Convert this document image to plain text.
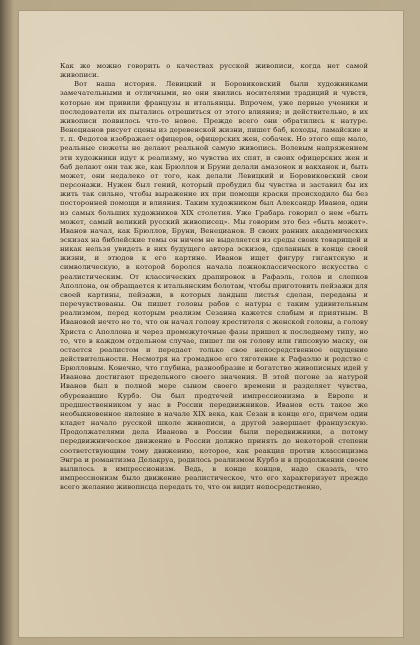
Как же можно говорить о качествах русской живописи, когда нет самой живописи.

Вот наша история. Левицкий и Боровиковский были художниками замечательными и отличными, но они явились носителями традиций и чувств, которые им привили французы и итальянцы. Впрочем, уже первые ученики и последователи их пытались отрешиться от этого влияния; и действительно, в их живописи появилось что-то новое. Прежде всего они обратились к натуре. Венецианов рисует сцены из деревенской жизни, пишет баб, коходы, ламайские и т. п. Федотов изображает офицеров, офицерских жен, собачек. Но этого еще мало, реальные сюжеты не делают реальной самую живопись. Волевым напряжением эти художники идут к реализму, но чувства их спят, и своих офицерских жен и баб делают они так же, как Брюллов и Бруни делали амазонок и вакханок и, быть может, они недалеко от того, как делали Левицкий и Боровиковский свои персонажи. Нужен был гений, который пробудил бы чувства и заставил бы их жить так сильно, чтобы выражение их при помощи краски происходило бы без посторонней помощи и влияния. Таким художником был Александр Иванов, один из самых больших художников XIX столетия. Уже Грабарь говорил о нем «быть может, самый великий русский живописец». Мы говорим это без «быть может». Иванов начал, как Брюллов, Бруни, Венецианов. В своих ранних академических эскизах на библейские темы он ничем не выделяется из среды своих товарищей и никак нельзя увидеть в них будущего автора эскизов, сделанных в конце своей жизни, и этюдов к его картине. Иванов ищет фигуру гигантскую и символическую, в которой боролся начала ложноклассического искусства с реалистическим. От классических драпировок в Рафаэль, голов и слепков Аполлона, он обращается к итальянским болотам, чтобы приготовить пейзажи для своей картины, пейзажи, в которых ландыш листья сделан, переданы и перечувствованы. Он пишет головы рабов с натуры с таким удивительным реализмом, перед которым реализм Сезанна кажется слабым и приятным. В Ивановой нечто не то, что он начал голову крестителя с женской головы, а голову Христа с Аполлона и через промежуточные фазы пришел к последнему типу, но то, что в каждом отдельном случае, пишет ли он голову или гипсовую маску, он остается реалистом и передает только свое непосредственное ощущение действительности. Несмотря на громадное его тяготение к Рафаэлю и родство с Брюлловым. Конечно, что глубина, разнообразие и богатство живописных идей у Иванова достигают предельного своего значения. В этой погоне за натурой Иванов был в полной мере сыном своего времени и разделяет чувства, обуревавшие Курбэ. Он был предтечей импрессионизма в Европе и предшественником у нас в России передвижников. Иванов есть такое же необыкновенное явление в начале XIX века, как Сезан в конце его, причем один кладет начало русской школе живописи, а другой завершает французскую. Продолжателями дела Иванова в России были передвижники, а потому передвижническое движение в России должно принять до некоторой степени соответствующим тому движению, которое, как реакция против классицизма Энгра и романтизма Делакруа, родилось реализмом Курбэ и в продолжении своем вылилось в импрессионизм. Ведь, в конце концов, надо сказать, что импрессионизм было движение реалистическое, что его характеризует прежде всего желание живописца передать то, что он видит непосредственно,
